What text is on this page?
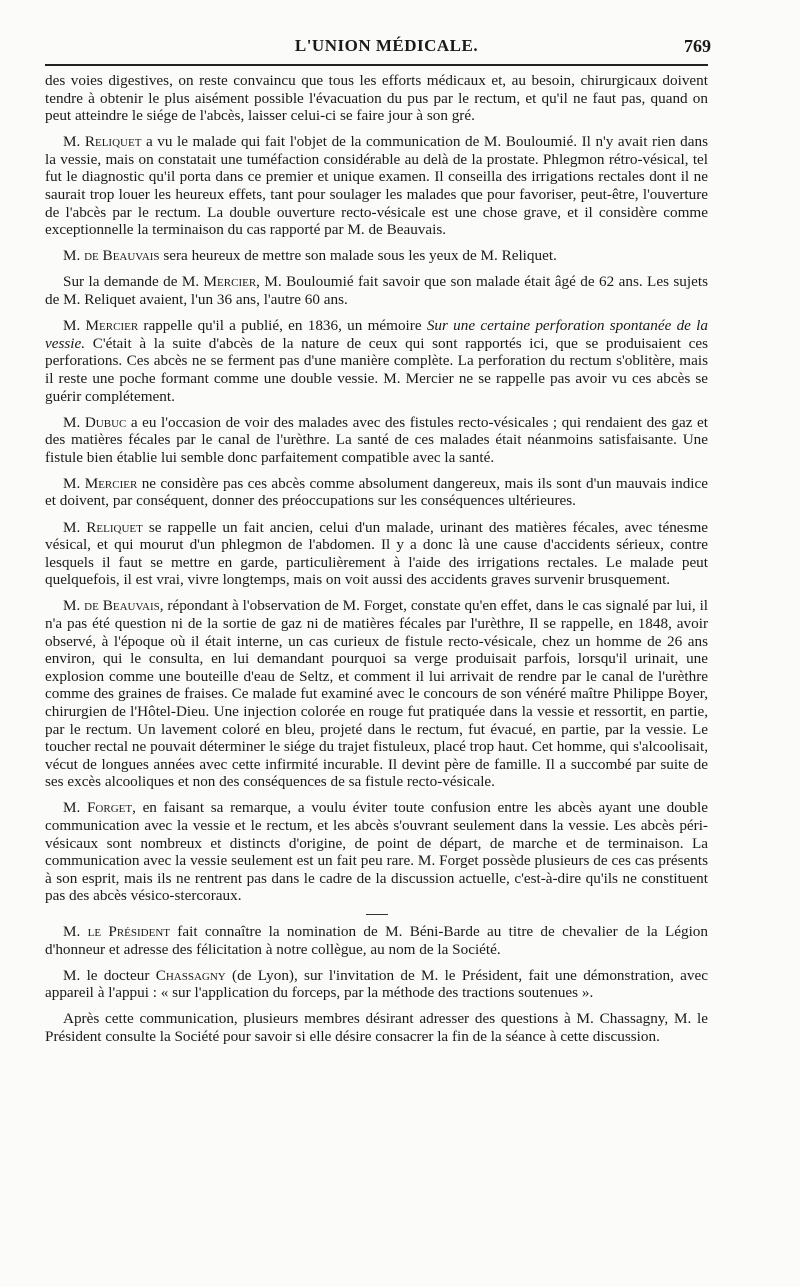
L'UNION MÉDICALE.	769

des voies digestives, on reste convaincu que tous les efforts médicaux et, au besoin, chirurgicaux doivent tendre à obtenir le plus aisément possible l'évacuation du pus par le rectum, et qu'il ne faut pas, quand on peut atteindre le siége de l'abcès, laisser celui-ci se faire jour à son gré.

M. Reliquet a vu le malade qui fait l'objet de la communication de M. Bouloumié. Il n'y avait rien dans la vessie, mais on constatait une tuméfaction considérable au delà de la prostate. Phlegmon rétro-vésical, tel fut le diagnostic qu'il porta dans ce premier et unique examen. Il conseilla des irrigations rectales dont il ne saurait trop louer les heureux effets, tant pour soulager les malades que pour favoriser, peut-être, l'ouverture de l'abcès par le rectum. La double ouverture recto-vésicale est une chose grave, et il considère comme exceptionnelle la terminaison du cas rapporté par M. de Beauvais.

M. de Beauvais sera heureux de mettre son malade sous les yeux de M. Reliquet.

Sur la demande de M. Mercier, M. Bouloumié fait savoir que son malade était âgé de 62 ans. Les sujets de M. Reliquet avaient, l'un 36 ans, l'autre 60 ans.

M. Mercier rappelle qu'il a publié, en 1836, un mémoire Sur une certaine perforation spontanée de la vessie. C'était à la suite d'abcès de la nature de ceux qui sont rapportés ici, que se produisaient ces perforations. Ces abcès ne se ferment pas d'une manière complète. La perforation du rectum s'oblitère, mais il reste une poche formant comme une double vessie. M. Mercier ne se rappelle pas avoir vu ces abcès se guérir complétement.

M. Dubuc a eu l'occasion de voir des malades avec des fistules recto-vésicales ; qui rendaient des gaz et des matières fécales par le canal de l'urèthre. La santé de ces malades était néanmoins satisfaisante. Une fistule bien établie lui semble donc parfaitement compatible avec la santé.

M. Mercier ne considère pas ces abcès comme absolument dangereux, mais ils sont d'un mauvais indice et doivent, par conséquent, donner des préoccupations sur les conséquences ultérieures.

M. Reliquet se rappelle un fait ancien, celui d'un malade, urinant des matières fécales, avec ténesme vésical, et qui mourut d'un phlegmon de l'abdomen. Il y a donc là une cause d'accidents sérieux, contre lesquels il faut se mettre en garde, particulièrement à l'aide des irrigations rectales. Le malade peut quelquefois, il est vrai, vivre longtemps, mais on voit aussi des accidents graves survenir brusquement.

M. de Beauvais, répondant à l'observation de M. Forget, constate qu'en effet, dans le cas signalé par lui, il n'a pas été question ni de la sortie de gaz ni de matières fécales par l'urèthre, Il se rappelle, en 1848, avoir observé, à l'époque où il était interne, un cas curieux de fistule recto-vésicale, chez un homme de 26 ans environ, qui le consulta, en lui demandant pourquoi sa verge produisait parfois, lorsqu'il urinait, une explosion comme une bouteille d'eau de Seltz, et comment il lui arrivait de rendre par le canal de l'urèthre comme des graines de fraises. Ce malade fut examiné avec le concours de son vénéré maître Philippe Boyer, chirurgien de l'Hôtel-Dieu. Une injection colorée en rouge fut pratiquée dans la vessie et ressortit, en partie, par le rectum. Un lavement coloré en bleu, projeté dans le rectum, fut évacué, en partie, par la vessie. Le toucher rectal ne pouvait déterminer le siége du trajet fistuleux, placé trop haut. Cet homme, qui s'alcoolisait, vécut de longues années avec cette infirmité incurable. Il devint père de famille. Il a succombé par suite de ses excès alcooliques et non des conséquences de sa fistule recto-vésicale.

M. Forget, en faisant sa remarque, a voulu éviter toute confusion entre les abcès ayant une double communication avec la vessie et le rectum, et les abcès s'ouvrant seulement dans la vessie. Les abcès péri-vésicaux sont nombreux et distincts d'origine, de point de départ, de marche et de terminaison. La communication avec la vessie seulement est un fait peu rare. M. Forget possède plusieurs de ces cas présents à son esprit, mais ils ne rentrent pas dans le cadre de la discussion actuelle, c'est-à-dire qu'ils ne constituent pas des abcès vésico-stercoraux.

M. le Président fait connaître la nomination de M. Béni-Barde au titre de chevalier de la Légion d'honneur et adresse des félicitation à notre collègue, au nom de la Société.

M. le docteur Chassagny (de Lyon), sur l'invitation de M. le Président, fait une démonstration, avec appareil à l'appui : « sur l'application du forceps, par la méthode des tractions soutenues ».

Après cette communication, plusieurs membres désirant adresser des questions à M. Chassagny, M. le Président consulte la Société pour savoir si elle désire consacrer la fin de la séance à cette discussion.
